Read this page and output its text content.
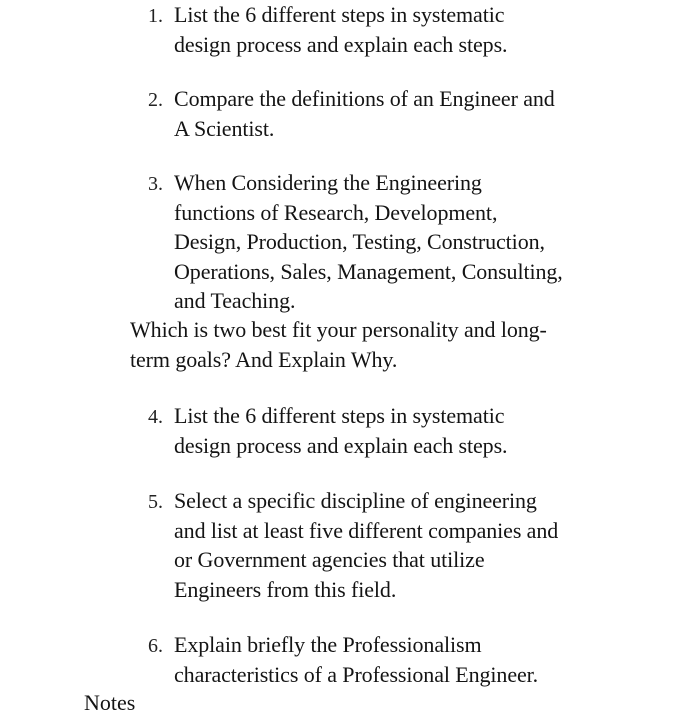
1. List the 6 different steps in systematic
design process and explain each steps.
2. Compare the definitions of an Engineer and
A Scientist.
3. When Considering the Engineering
functions of Research, Development,
Design, Production, Testing, Construction,
Operations, Sales, Management, Consulting,
and Teaching.
Which is two best fit your personality and long-
term goals? And Explain Why.
4. List the 6 different steps in systematic
design process and explain each steps.
5. Select a specific discipline of engineering
and list at least five different companies and
or Government agencies that utilize
Engineers from this field.
6. Explain briefly the Professionalism
characteristics of a Professional Engineer.
Notes
